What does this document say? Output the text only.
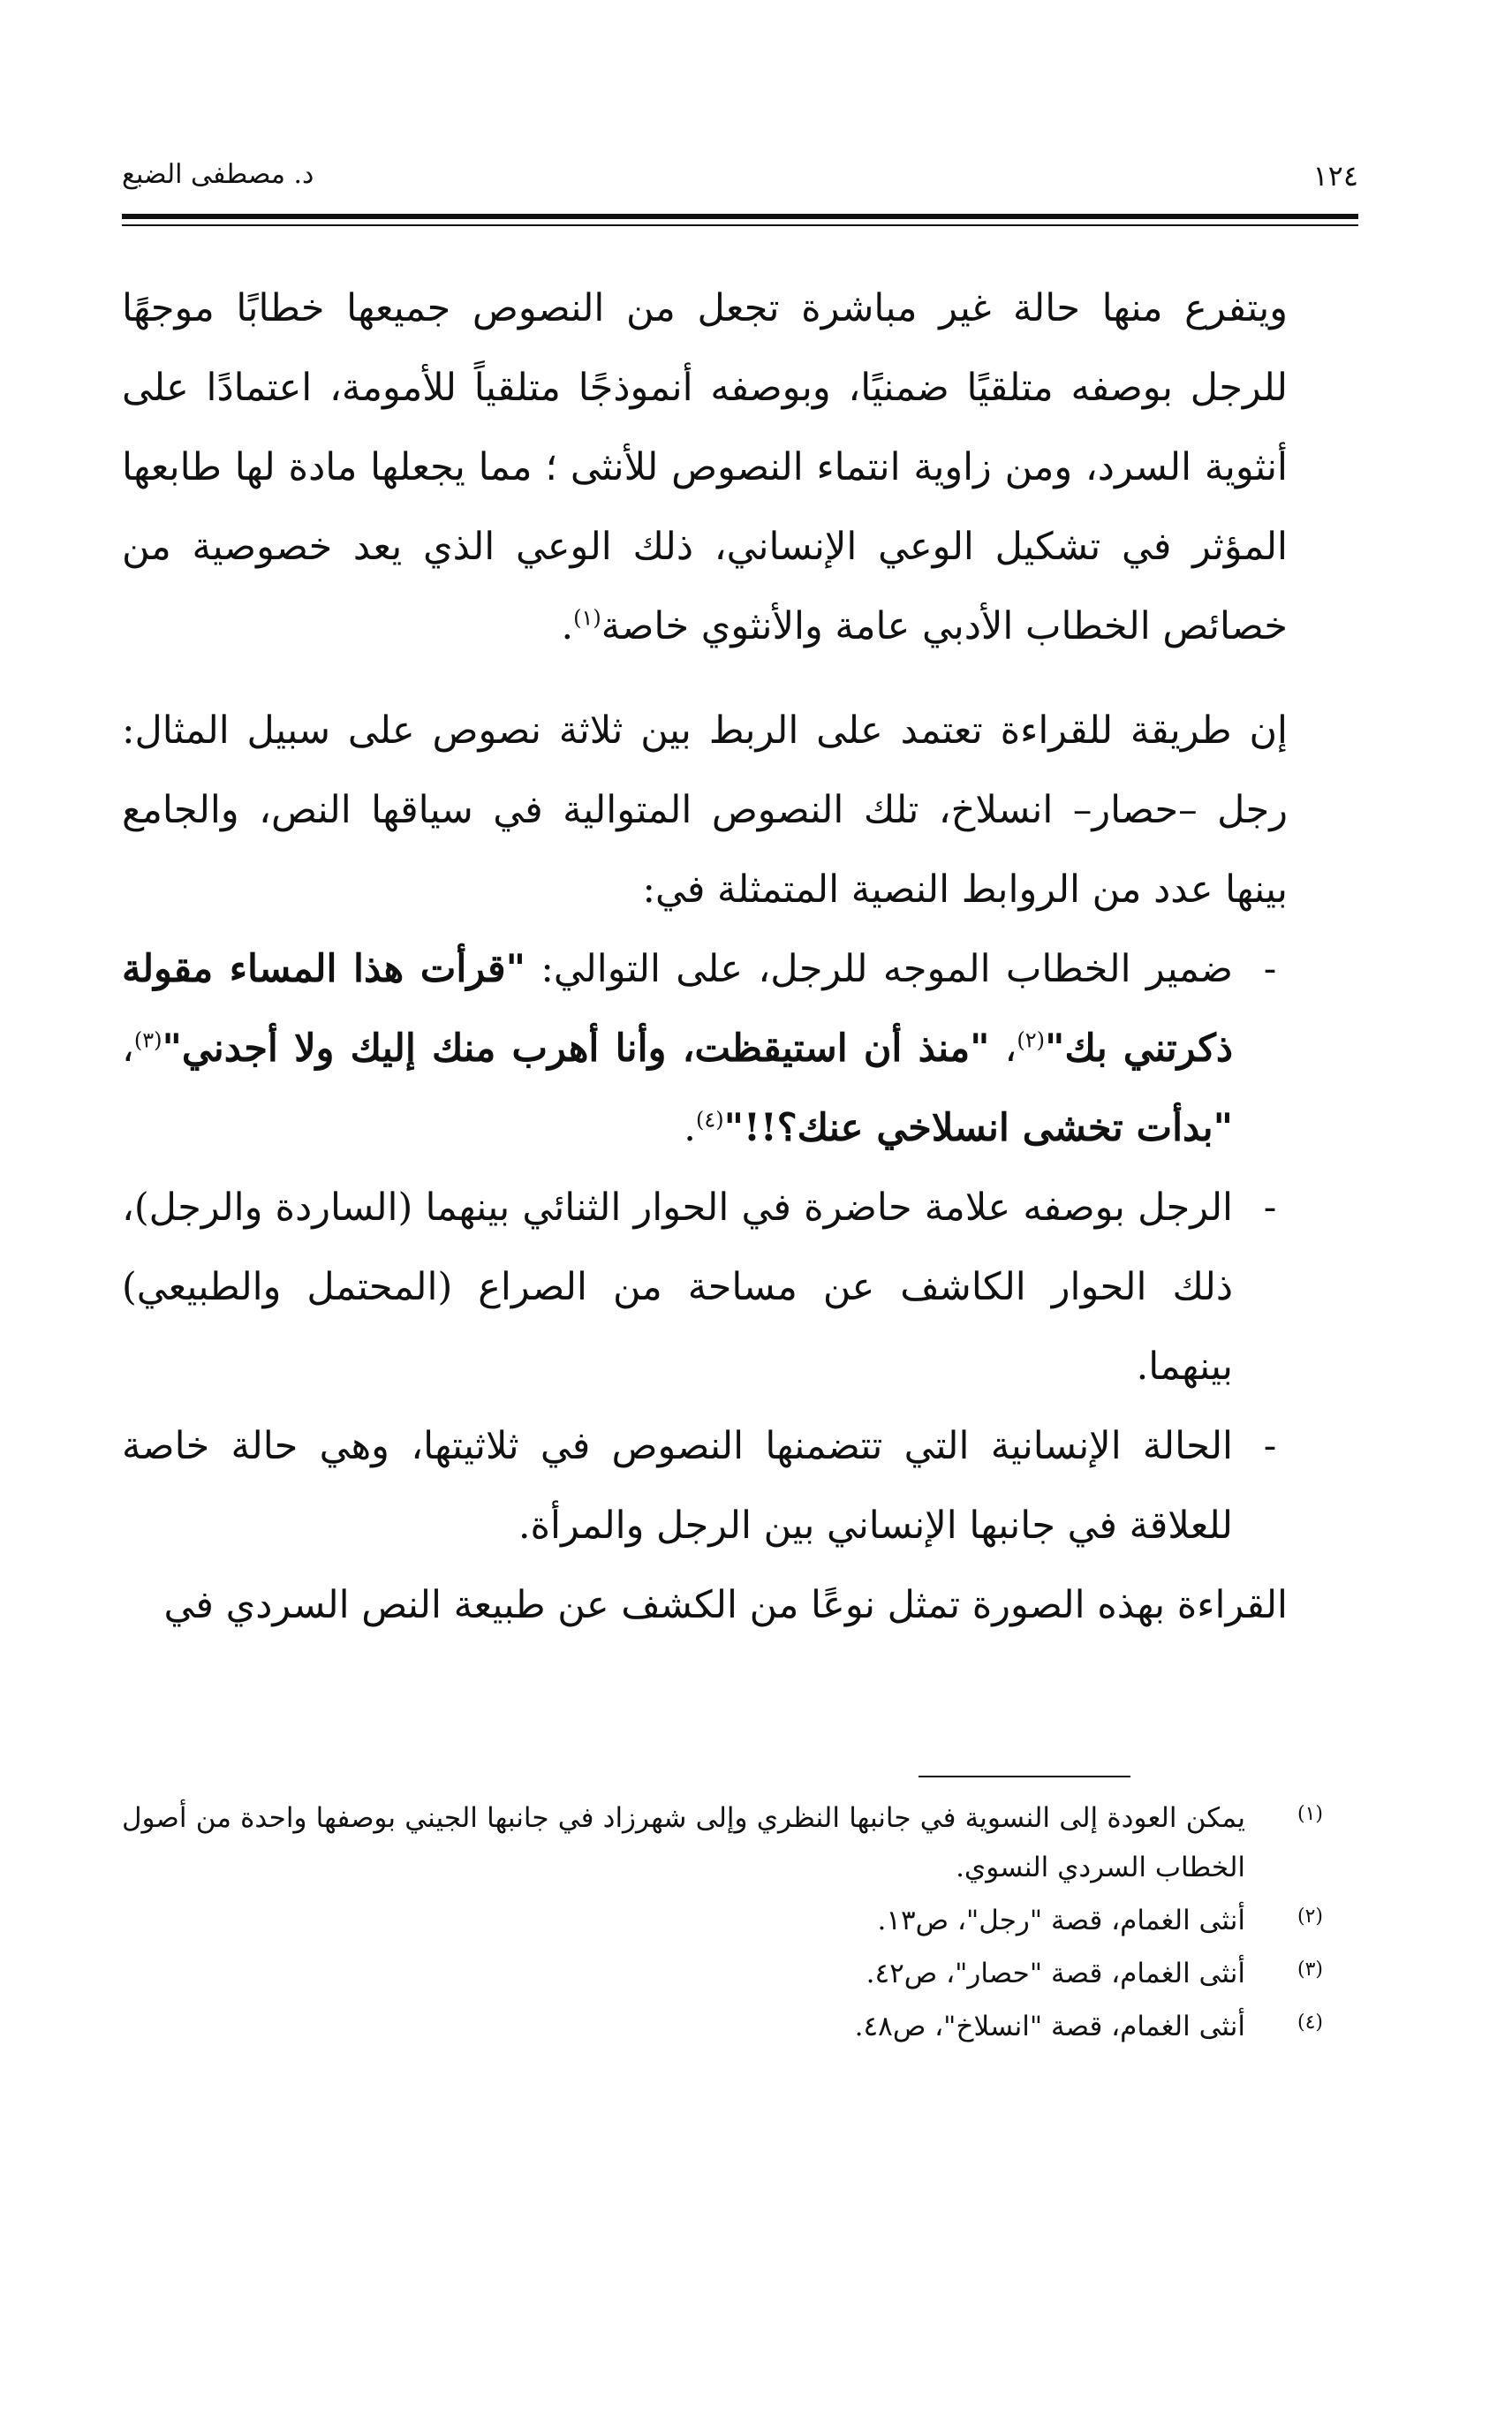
١٢٤
د. مصطفى الضبع

ويتفرع منها حالة غير مباشرة تجعل من النصوص جميعها خطابًا موجهًا للرجل بوصفه متلقيًا ضمنيًا، وبوصفه أنموذجًا متلقياً للأمومة، اعتمادًا على أنثوية السرد، ومن زاوية انتماء النصوص للأنثى ؛ مما يجعلها مادة لها طابعها المؤثر في تشكيل الوعي الإنساني، ذلك الوعي الذي يعد خصوصية من خصائص الخطاب الأدبي عامة والأنثوي خاصة$^{(١)}$.

إن طريقة للقراءة تعتمد على الربط بين ثلاثة نصوص على سبيل المثال: رجل –حصار– انسلاخ، تلك النصوص المتوالية في سياقها النص، والجامع بينها عدد من الروابط النصية المتمثلة في:

-
ضمير الخطاب الموجه للرجل، على التوالي: "قرأت هذا المساء مقولة ذكرتني بك"$^{(٢)}$، "منذ أن استيقظت، وأنا أهرب منك إليك ولا أجدني"$^{(٣)}$، "بدأت تخشى انسلاخي عنك؟!!"$^{(٤)}$.

-
الرجل بوصفه علامة حاضرة في الحوار الثنائي بينهما (الساردة والرجل)، ذلك الحوار الكاشف عن مساحة من الصراع (المحتمل والطبيعي) بينهما.

-
الحالة الإنسانية التي تتضمنها النصوص في ثلاثيتها، وهي حالة خاصة للعلاقة في جانبها الإنساني بين الرجل والمرأة.

القراءة بهذه الصورة تمثل نوعًا من الكشف عن طبيعة النص السردي في

(١)
يمكن العودة إلى النسوية في جانبها النظري وإلى شهرزاد في جانبها الجيني بوصفها واحدة من أصول الخطاب السردي النسوي.

(٢)
أنثى الغمام، قصة "رجل"، ص١٣.

(٣)
أنثى الغمام، قصة "حصار"، ص٤٢.

(٤)
أنثى الغمام، قصة "انسلاخ"، ص٤٨.
